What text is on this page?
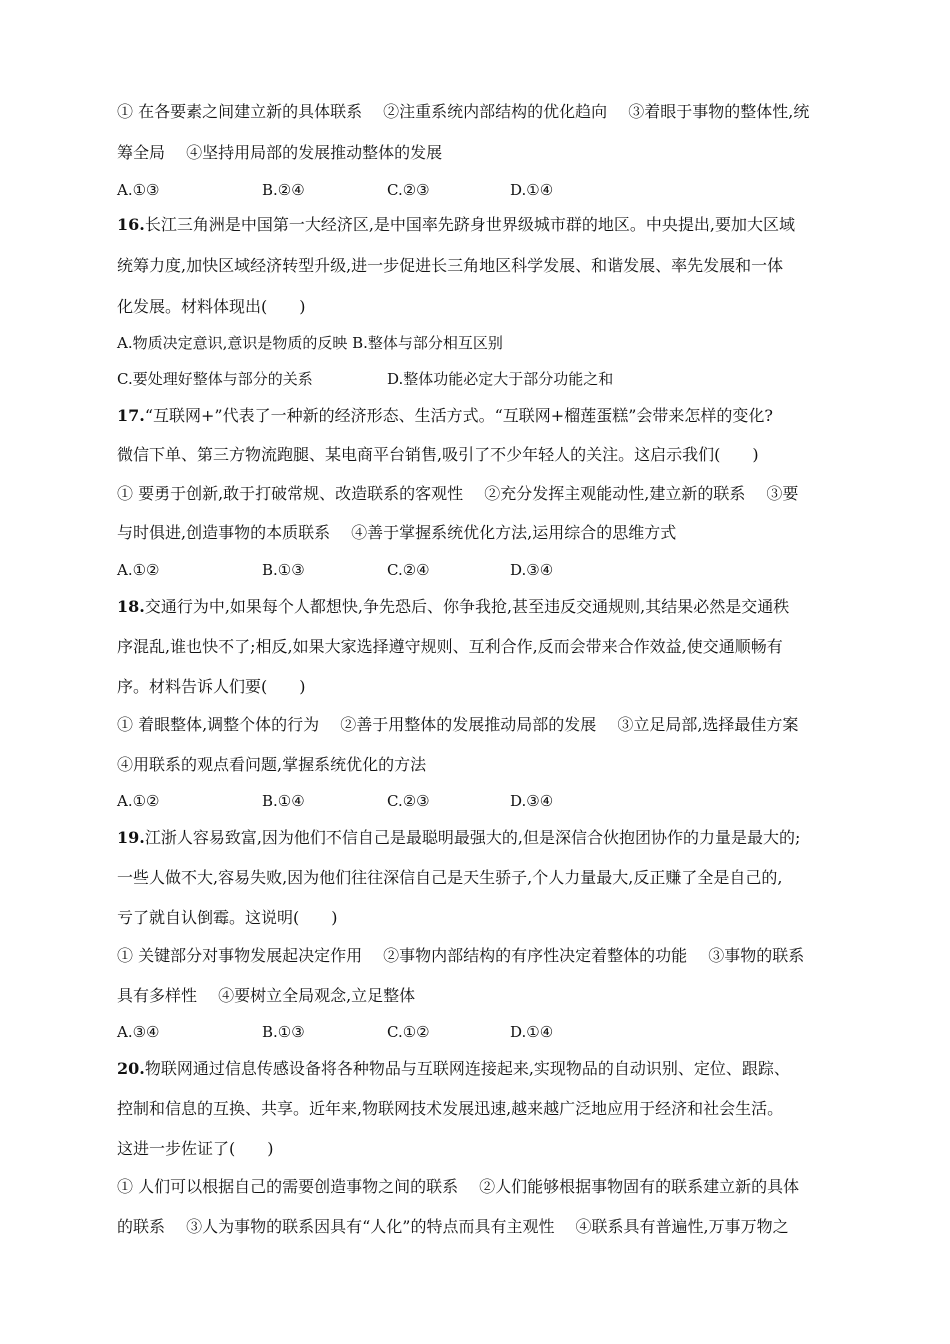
① 在各要素之间建立新的具体联系 　②注重系统内部结构的优化趋向 　③着眼于事物的整体性,统
筹全局 　④坚持用局部的发展推动整体的发展
A.①③	B.②④	C.②③	D.①④
16.长江三角洲是中国第一大经济区,是中国率先跻身世界级城市群的地区。中央提出,要加大区域
统筹力度,加快区域经济转型升级,进一步促进长三角地区科学发展、和谐发展、率先发展和一体
化发展。材料体现出(　　)
A.物质决定意识,意识是物质的反映 B.整体与部分相互区别
C.要处理好整体与部分的关系	D.整体功能必定大于部分功能之和
17.“互联网+”代表了一种新的经济形态、生活方式。“互联网+榴莲蛋糕”会带来怎样的变化?
微信下单、第三方物流跑腿、某电商平台销售,吸引了不少年轻人的关注。这启示我们(　　)
① 要勇于创新,敢于打破常规、改造联系的客观性 　②充分发挥主观能动性,建立新的联系 　③要
与时俱进,创造事物的本质联系 　④善于掌握系统优化方法,运用综合的思维方式
A.①②	B.①③	C.②④	D.③④
18.交通行为中,如果每个人都想快,争先恐后、你争我抢,甚至违反交通规则,其结果必然是交通秩
序混乱,谁也快不了;相反,如果大家选择遵守规则、互利合作,反而会带来合作效益,使交通顺畅有
序。材料告诉人们要(　　)
① 着眼整体,调整个体的行为 　②善于用整体的发展推动局部的发展 　③立足局部,选择最佳方案
④用联系的观点看问题,掌握系统优化的方法
A.①②	B.①④	C.②③	D.③④
19.江浙人容易致富,因为他们不信自己是最聪明最强大的,但是深信合伙抱团协作的力量是最大的;
一些人做不大,容易失败,因为他们往往深信自己是天生骄子,个人力量最大,反正赚了全是自己的,
亏了就自认倒霉。这说明(　　)
① 关键部分对事物发展起决定作用 　②事物内部结构的有序性决定着整体的功能 　③事物的联系
具有多样性 　④要树立全局观念,立足整体
A.③④	B.①③	C.①②	D.①④
20.物联网通过信息传感设备将各种物品与互联网连接起来,实现物品的自动识别、定位、跟踪、
控制和信息的互换、共享。近年来,物联网技术发展迅速,越来越广泛地应用于经济和社会生活。
这进一步佐证了(　　)
① 人们可以根据自己的需要创造事物之间的联系 　②人们能够根据事物固有的联系建立新的具体
的联系 　③人为事物的联系因具有“人化”的特点而具有主观性 　④联系具有普遍性,万事万物之
